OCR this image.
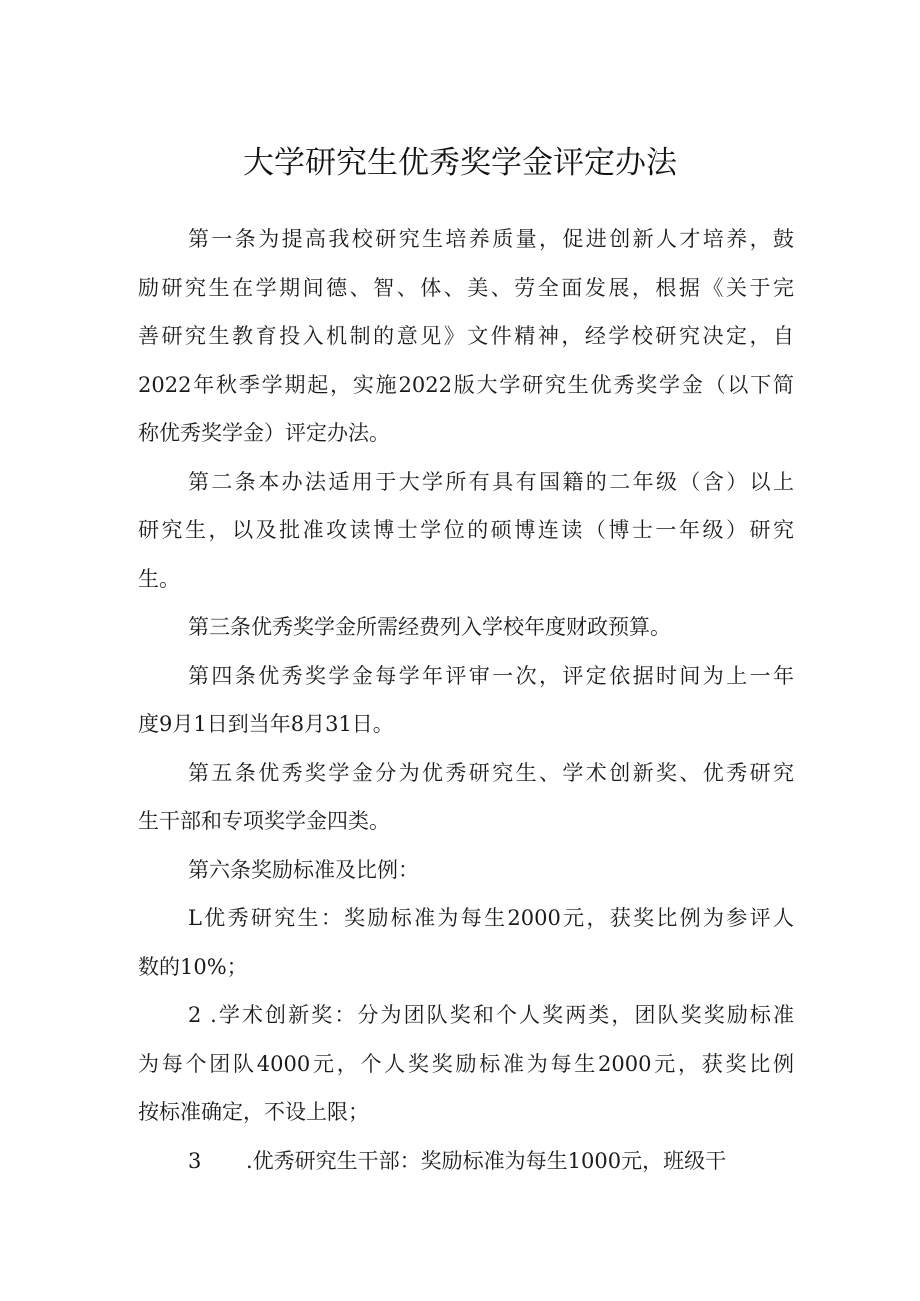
大学研究生优秀奖学金评定办法
第一条为提高我校研究生培养质量，促进创新人才培养，鼓
励研究生在学期间德、智、体、美、劳全面发展，根据《关于完
善研究生教育投入机制的意见》文件精神，经学校研究决定，自
2022年秋季学期起，实施2022版大学研究生优秀奖学金（以下简
称优秀奖学金）评定办法。
第二条本办法适用于大学所有具有国籍的二年级（含）以上
研究生，以及批准攻读博士学位的硕博连读（博士一年级）研究
生。
第三条优秀奖学金所需经费列入学校年度财政预算。
第四条优秀奖学金每学年评审一次，评定依据时间为上一年
度9月1日到当年8月31日。
第五条优秀奖学金分为优秀研究生、学术创新奖、优秀研究
生干部和专项奖学金四类。
第六条奖励标准及比例：
L优秀研究生：奖励标准为每生2000元，获奖比例为参评人
数的10%；
2 .学术创新奖：分为团队奖和个人奖两类，团队奖奖励标准
为每个团队4000元，个人奖奖励标准为每生2000元，获奖比例
按标准确定，不设上限；
3 .优秀研究生干部：奖励标准为每生1000元，班级干
